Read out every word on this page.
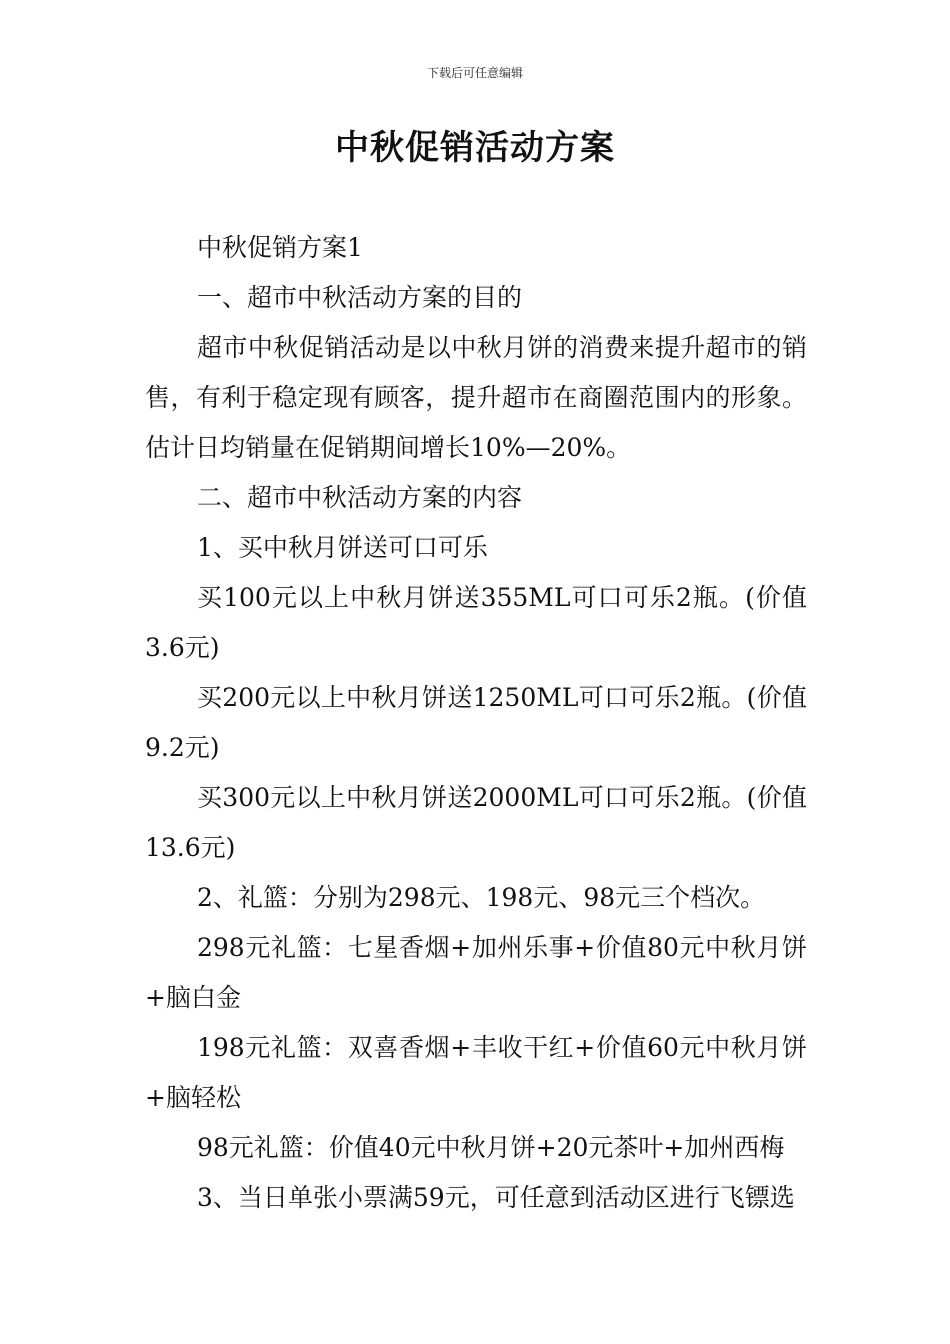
下载后可任意编辑
中秋促销活动方案

中秋促销方案1

一、超市中秋活动方案的目的

超市中秋促销活动是以中秋月饼的消费来提升超市的销售，有利于稳定现有顾客，提升超市在商圈范围内的形象。估计日均销量在促销期间增长10%—20%。

二、超市中秋活动方案的内容

1、买中秋月饼送可口可乐

买100元以上中秋月饼送355ML可口可乐2瓶。(价值3.6元)

买200元以上中秋月饼送1250ML可口可乐2瓶。(价值9.2元)

买300元以上中秋月饼送2000ML可口可乐2瓶。(价值13.6元)

2、礼篮：分别为298元、198元、98元三个档次。

298元礼篮：七星香烟+加州乐事+价值80元中秋月饼+脑白金

198元礼篮：双喜香烟+丰收干红+价值60元中秋月饼+脑轻松

98元礼篮：价值40元中秋月饼+20元茶叶+加州西梅

3、当日单张小票满59元，可任意到活动区进行飞镖选
